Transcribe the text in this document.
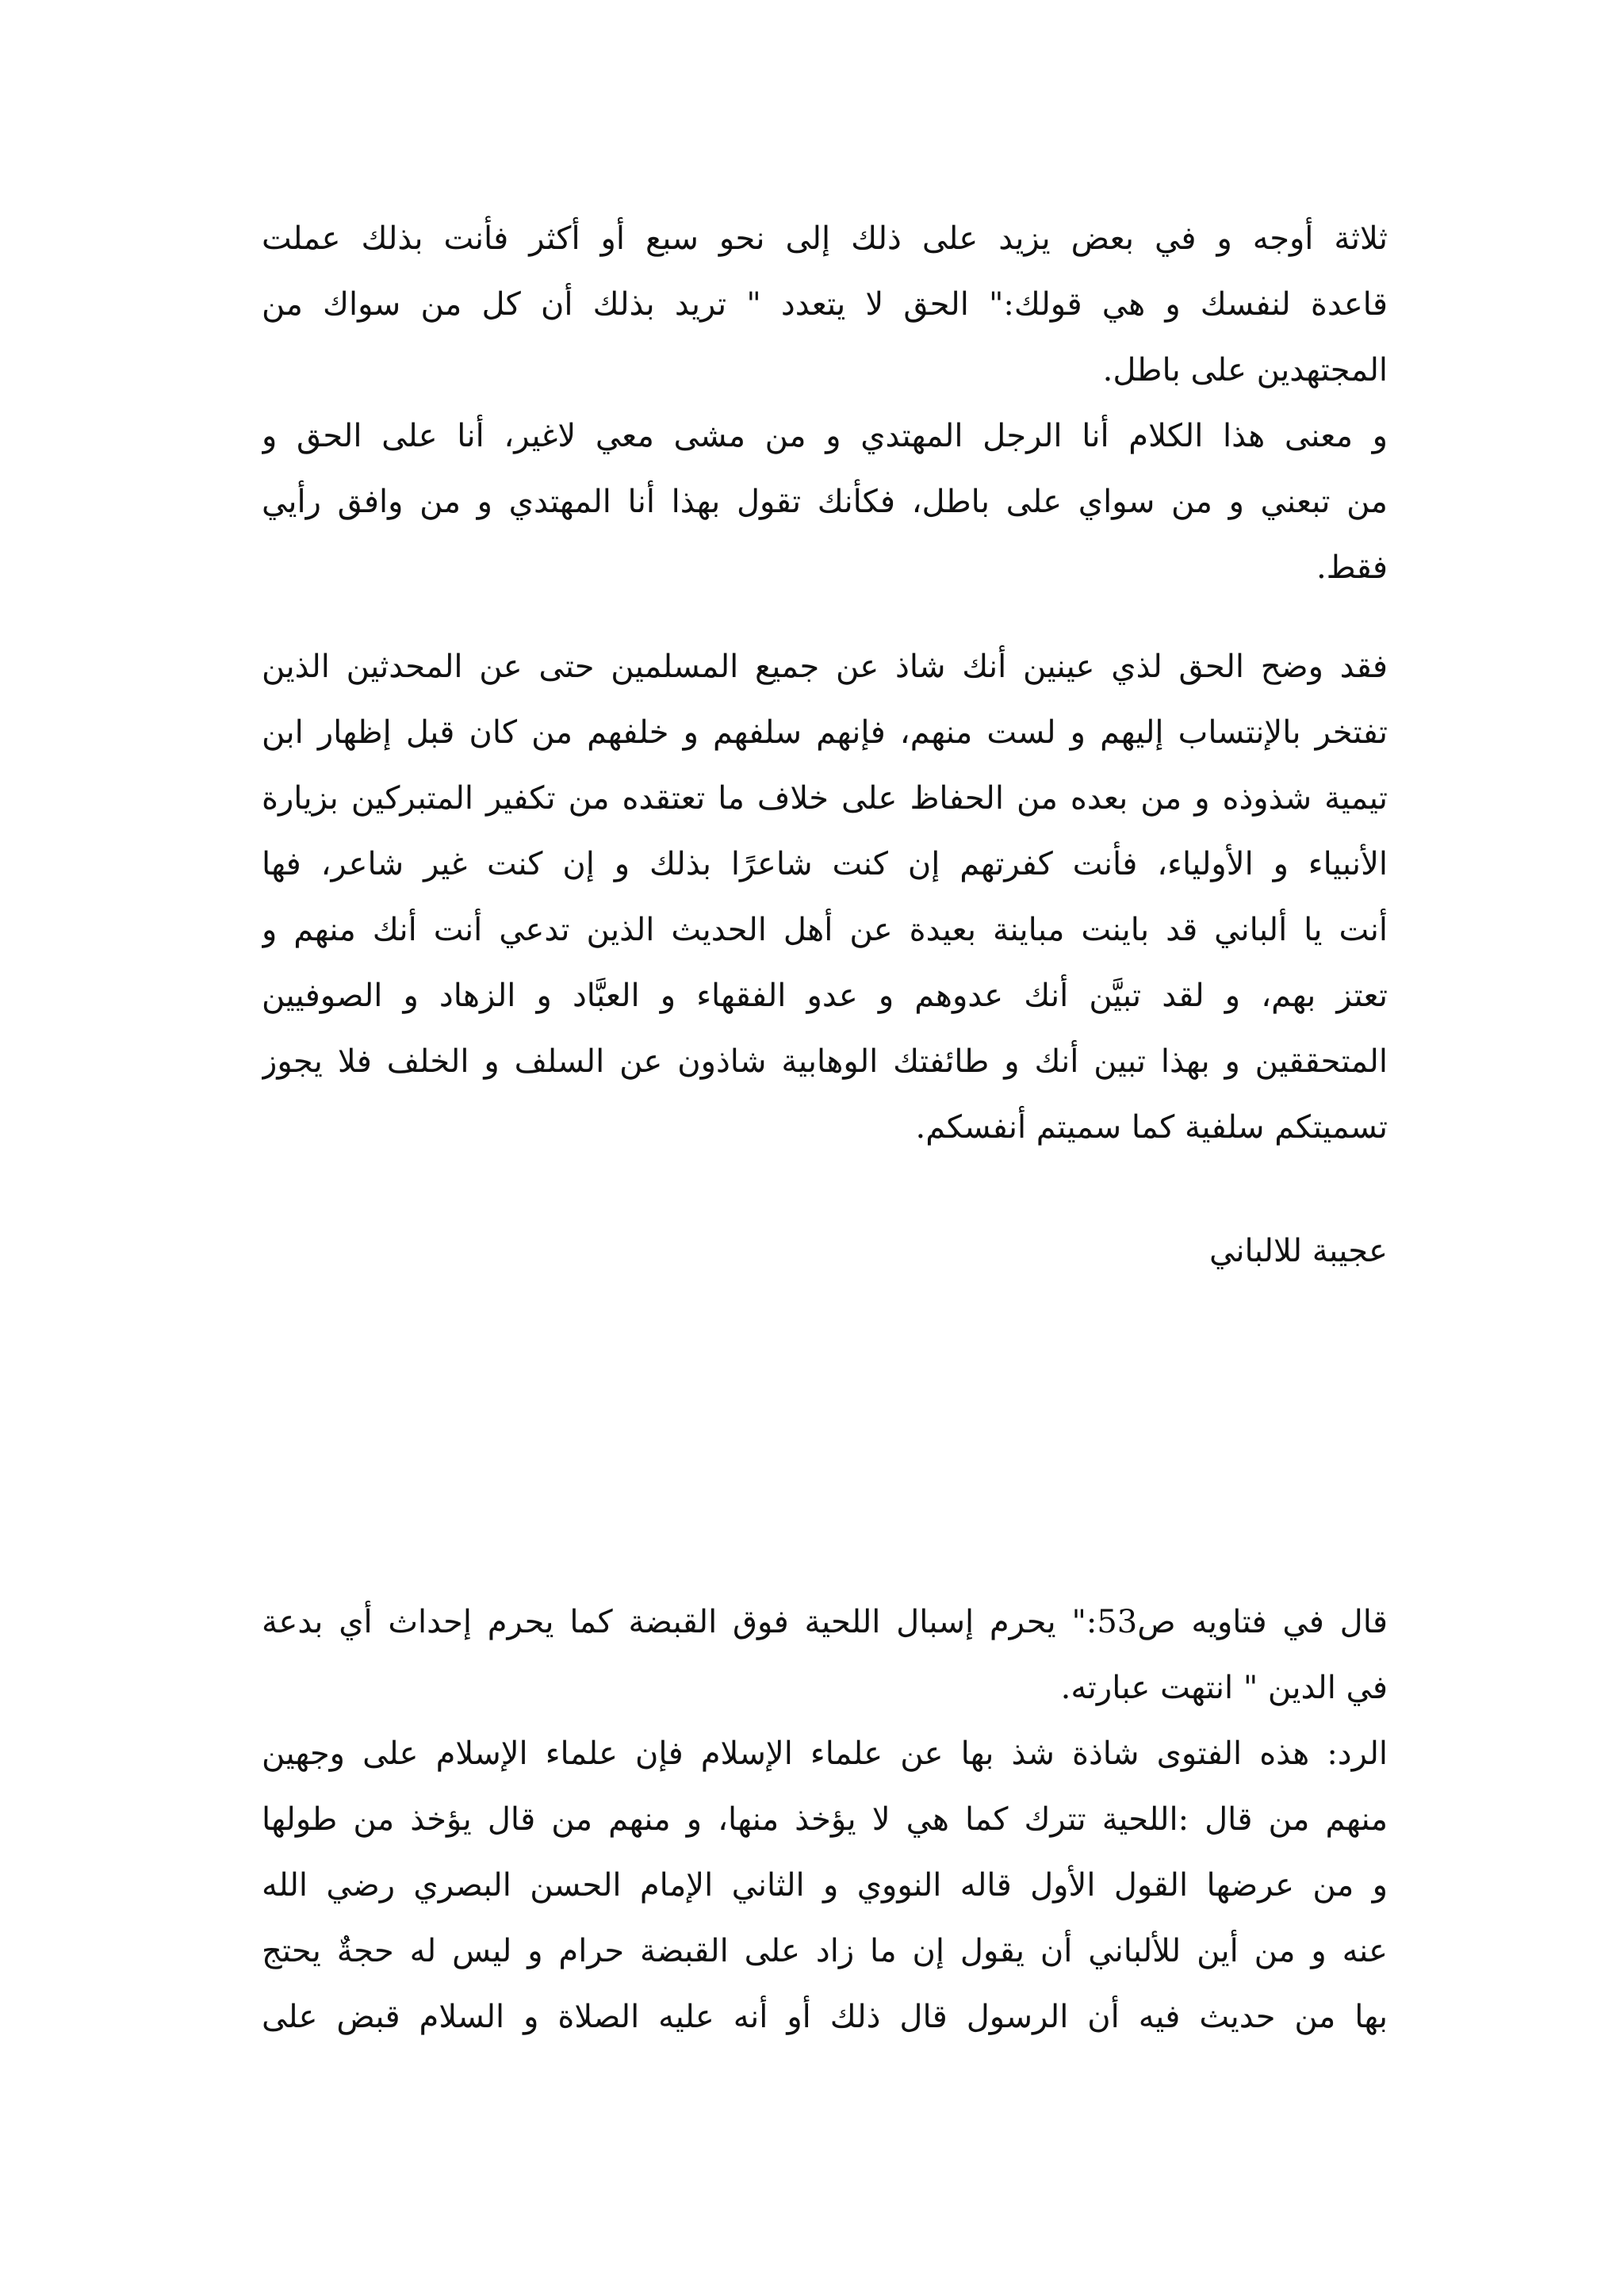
ثلاثة أوجه و في بعض يزيد على ذلك إلى نحو سبع أو أكثر فأنت بذلك عملت
قاعدة لنفسك و هي قولك:" الحق لا يتعدد " تريد بذلك أن كل من سواك من
المجتهدين على باطل.
و معنى هذا الكلام أنا الرجل المهتدي و من مشى معي لاغير، أنا على الحق و
من تبعني و من سواي على باطل، فكأنك تقول بهذا أنا المهتدي و من وافق رأيي
فقط.
فقد وضح الحق لذي عينين أنك شاذ عن جميع المسلمين حتى عن المحدثين الذين
تفتخر بالإنتساب إليهم و لست منهم، فإنهم سلفهم و خلفهم من كان قبل إظهار ابن
تيمية شذوذه و من بعده من الحفاظ على خلاف ما تعتقده من تكفير المتبركين بزيارة
الأنبياء و الأولياء، فأنت كفرتهم إن كنت شاعرًا بذلك و إن كنت غير شاعر، فها
أنت يا ألباني قد باينت مباينة بعيدة عن أهل الحديث الذين تدعي أنت أنك منهم و
تعتز بهم، و لقد تبيَّن أنك عدوهم و عدو الفقهاء و العبَّاد و الزهاد و الصوفيين
المتحققين و بهذا تبين أنك و طائفتك الوهابية شاذون عن السلف و الخلف فلا يجوز
تسميتكم سلفية كما سميتم أنفسكم.
عجيبة للالباني
قال في فتاويه ص53:" يحرم إسبال اللحية فوق القبضة كما يحرم إحداث أي بدعة
في الدين " انتهت عبارته.
الرد: هذه الفتوى شاذة شذ بها عن علماء الإسلام فإن علماء الإسلام على وجهين
منهم من قال :اللحية تترك كما هي لا يؤخذ منها، و منهم من قال يؤخذ من طولها
و من عرضها القول الأول قاله النووي و الثاني الإمام الحسن البصري رضي الله
عنه و من أين للألباني أن يقول إن ما زاد على القبضة حرام و ليس له حجةٌ يحتج
بها من حديث فيه أن الرسول قال ذلك أو أنه عليه الصلاة و السلام قبض على
